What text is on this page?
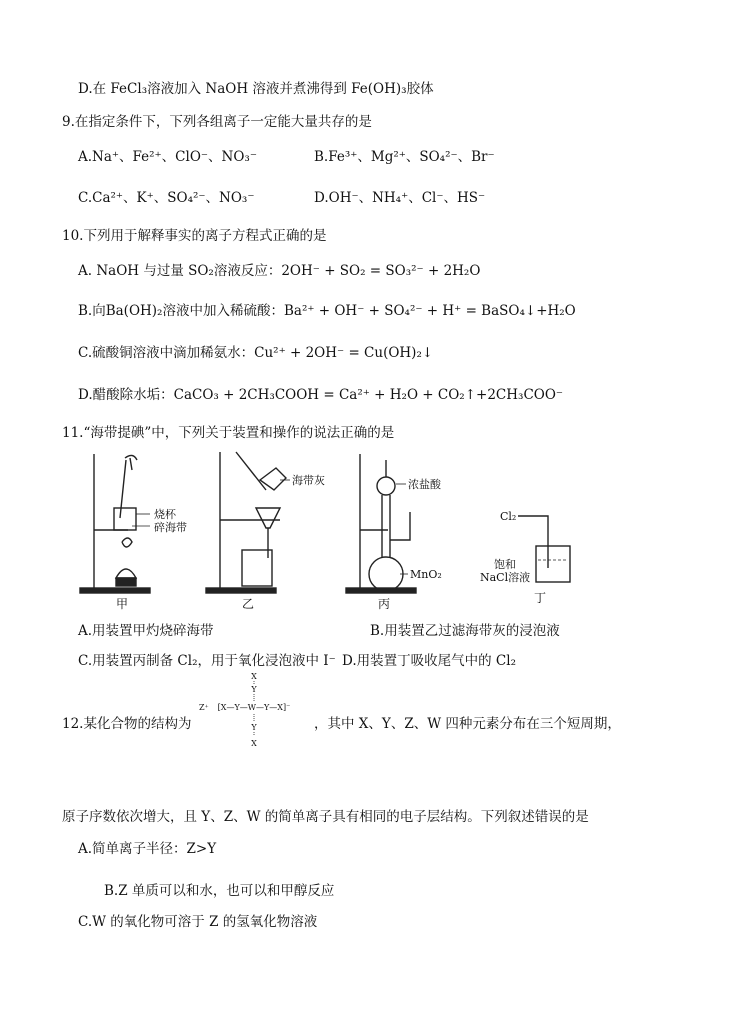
D.在 FeCl₃溶液加入 NaOH 溶液并煮沸得到 Fe(OH)₃胶体
9.在指定条件下，下列各组离子一定能大量共存的是
A.Na⁺、Fe²⁺、ClO⁻、NO₃⁻	B.Fe³⁺、Mg²⁺、SO₄²⁻、Br⁻
C.Ca²⁺、K⁺、SO₄²⁻、NO₃⁻	D.OH⁻、NH₄⁺、Cl⁻、HS⁻
10.下列用于解释事实的离子方程式正确的是
A. NaOH 与过量 SO₂溶液反应：2OH⁻ + SO₂ = SO₃²⁻ + 2H₂O
B.向Ba(OH)₂溶液中加入稀硫酸：Ba²⁺ + OH⁻ + SO₄²⁻ + H⁺ = BaSO₄↓+H₂O
C.硫酸铜溶液中滴加稀氨水：Cu²⁺ + 2OH⁻ = Cu(OH)₂↓
D.醋酸除水垢：CaCO₃ + 2CH₃COOH = Ca²⁺ + H₂O + CO₂↑+2CH₃COO⁻
11.“海带提碘”中，下列关于装置和操作的说法正确的是
烧杯
碎海带
甲
海带灰
乙
浓盐酸
MnO₂
丙
Cl₂
饱和
NaCl溶液
丁
A.用装置甲灼烧碎海带	B.用装置乙过滤海带灰的浸泡液
C.用装置丙制备 Cl₂，用于氧化浸泡液中 I⁻ D.用装置丁吸收尾气中的 Cl₂
12.某化合物的结构为
Z⁺
X
Y
[X—Y—W—Y—X]⁻
Y
X
，其中 X、Y、Z、W 四种元素分布在三个短周期，
原子序数依次增大，且 Y、Z、W 的简单离子具有相同的电子层结构。下列叙述错误的是
A.简单离子半径：Z>Y
B.Z 单质可以和水，也可以和甲醇反应
C.W 的氧化物可溶于 Z 的氢氧化物溶液
